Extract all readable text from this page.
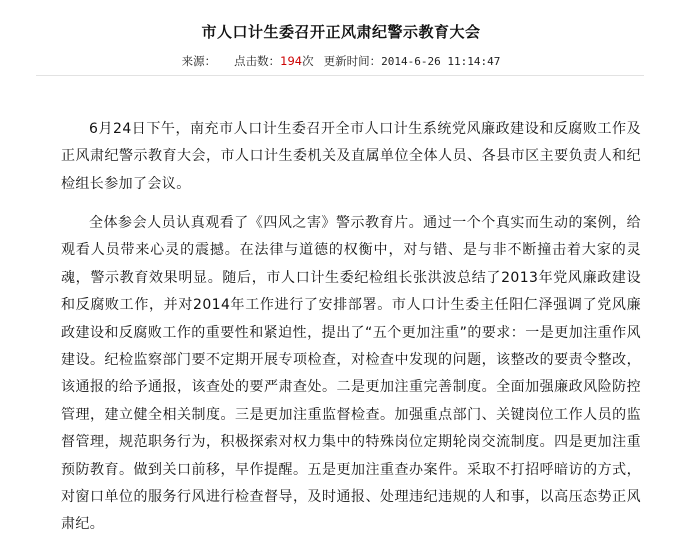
市人口计生委召开正风肃纪警示教育大会
来源： 点击数：194次 更新时间：2014-6-26 11:14:47

6月24日下午，南充市人口计生委召开全市人口计生系统党风廉政建设和反腐败工作及正风肃纪警示教育大会，市人口计生委机关及直属单位全体人员、各县市区主要负责人和纪检组长参加了会议。

全体参会人员认真观看了《四风之害》警示教育片。通过一个个真实而生动的案例，给观看人员带来心灵的震撼。在法律与道德的权衡中，对与错、是与非不断撞击着大家的灵魂，警示教育效果明显。随后，市人口计生委纪检组长张洪波总结了2013年党风廉政建设和反腐败工作，并对2014年工作进行了安排部署。市人口计生委主任阳仁泽强调了党风廉政建设和反腐败工作的重要性和紧迫性，提出了“五个更加注重”的要求：一是更加注重作风建设。纪检监察部门要不定期开展专项检查，对检查中发现的问题，该整改的要责令整改，该通报的给予通报，该查处的要严肃查处。二是更加注重完善制度。全面加强廉政风险防控管理，建立健全相关制度。三是更加注重监督检查。加强重点部门、关键岗位工作人员的监督管理，规范职务行为，积极探索对权力集中的特殊岗位定期轮岗交流制度。四是更加注重预防教育。做到关口前移，早作提醒。五是更加注重查办案件。采取不打招呼暗访的方式，对窗口单位的服务行风进行检查督导，及时通报、处理违纪违规的人和事，以高压态势正风肃纪。
